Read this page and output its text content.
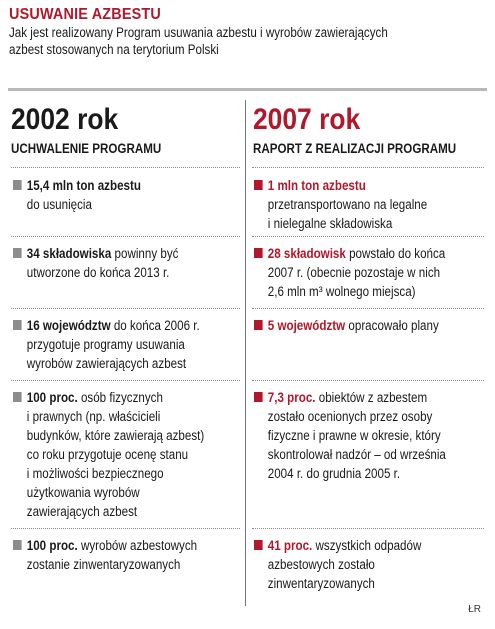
USUWANIE AZBESTU
Jak jest realizowany Program usuwania azbestu i wyrobów zawierających
azbest stosowanych na terytorium Polski
2002 rok
UCHWALENIE PROGRAMU
2007 rok
RAPORT Z REALIZACJI PROGRAMU
15,4 mln ton azbestu
do usunięcia
34 składowiska powinny być
utworzone do końca 2013 r.
16 województw do końca 2006 r.
przygotuje programy usuwania
wyrobów zawierających azbest
100 proc. osób fizycznych
i prawnych (np. właścicieli
budynków, które zawierają azbest)
co roku przygotuje ocenę stanu
i możliwości bezpiecznego
użytkowania wyrobów
zawierających azbest
100 proc. wyrobów azbestowych
zostanie zinwentaryzowanych
1 mln ton azbestu
przetransportowano na legalne
i nielegalne składowiska
28 składowisk powstało do końca
2007 r. (obecnie pozostaje w nich
2,6 mln m³ wolnego miejsca)
5 województw opracowało plany
7,3 proc. obiektów z azbestem
zostało ocenionych przez osoby
fizyczne i prawne w okresie, który
skontrolował nadzór – od września
2004 r. do grudnia 2005 r.
41 proc. wszystkich odpadów
azbestowych zostało
zinwentaryzowanych
ŁR
